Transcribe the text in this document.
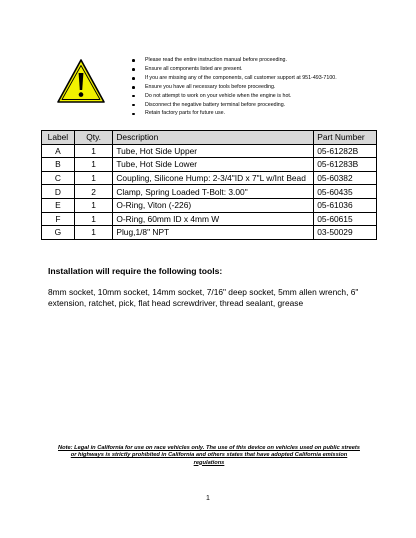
Please read the entire instruction manual before proceeding.
Ensure all components listed are present.
If you are missing any of the components, call customer support at 951-493-7100.
Ensure you have all necessary tools before proceeding.
Do not attempt to work on your vehicle when the engine is hot.
Disconnect the negative battery terminal before proceeding.
Retain factory parts for future use.
Label	Qty.	Description	Part Number
A	1	Tube, Hot Side Upper	05-61282B
B	1	Tube, Hot Side Lower	05-61283B
C	1	Coupling, Silicone Hump: 2-3/4"ID x 7"L w/Int Bead	05-60382
D	2	Clamp, Spring Loaded T-Bolt: 3.00"	05-60435
E	1	O-Ring, Viton (-226)	05-61036
F	1	O-Ring, 60mm ID x 4mm W	05-60615
G	1	Plug,1/8" NPT	03-50029
Installation will require the following tools:

8mm socket, 10mm socket, 14mm socket, 7/16" deep socket, 5mm allen wrench, 6" extension, ratchet, pick, flat head screwdriver, thread sealant, grease

Note: Legal in California for use on race vehicles only. The use of this device on vehicles used on public streets or highways is strictly prohibited in California and others states that have adopted California emission regulations

1
